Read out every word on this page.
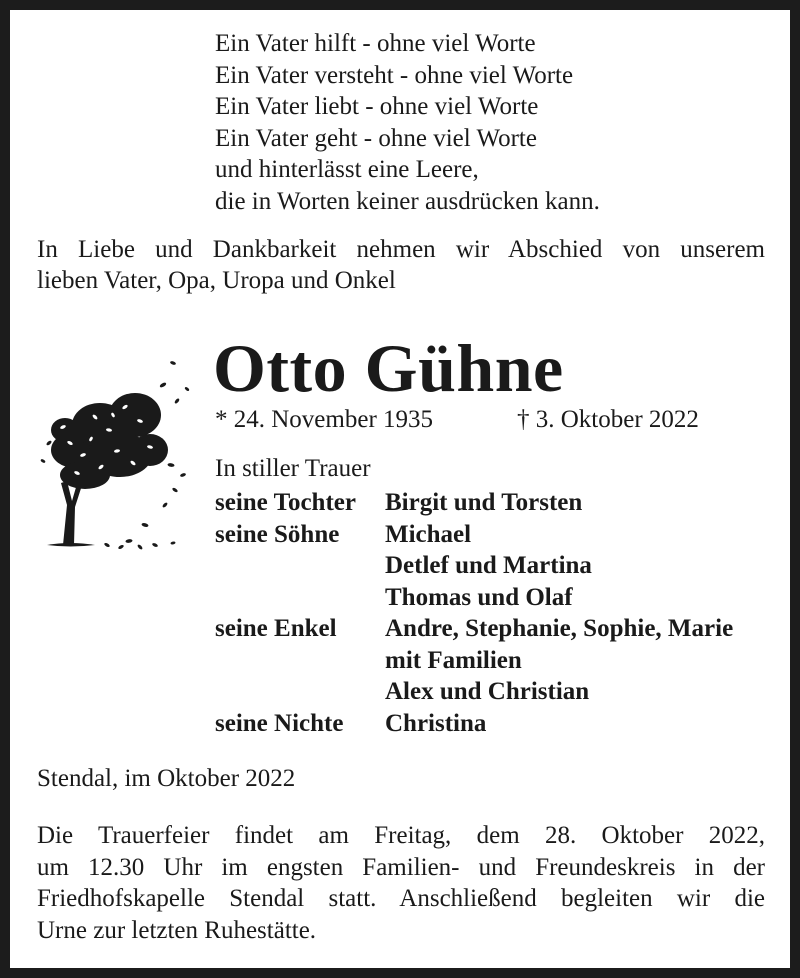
Ein Vater hilft - ohne viel Worte
Ein Vater versteht - ohne viel Worte
Ein Vater liebt - ohne viel Worte
Ein Vater geht - ohne viel Worte
und hinterlässt eine Leere,
die in Worten keiner ausdrücken kann.
In Liebe und Dankbarkeit nehmen wir Abschied von unserem
lieben Vater, Opa, Uropa und Onkel
Otto Gühne
* 24. November 1935	† 3. Oktober 2022
In stiller Trauer
seine Tochter	Birgit und Torsten
seine Söhne	Michael
Detlef und Martina
Thomas und Olaf
seine Enkel	Andre, Stephanie, Sophie, Marie
mit Familien
Alex und Christian
seine Nichte	Christina
Stendal, im Oktober 2022
Die Trauerfeier findet am Freitag, dem 28. Oktober 2022,
um 12.30 Uhr im engsten Familien- und Freundeskreis in der
Friedhofskapelle Stendal statt. Anschließend begleiten wir die
Urne zur letzten Ruhestätte.
